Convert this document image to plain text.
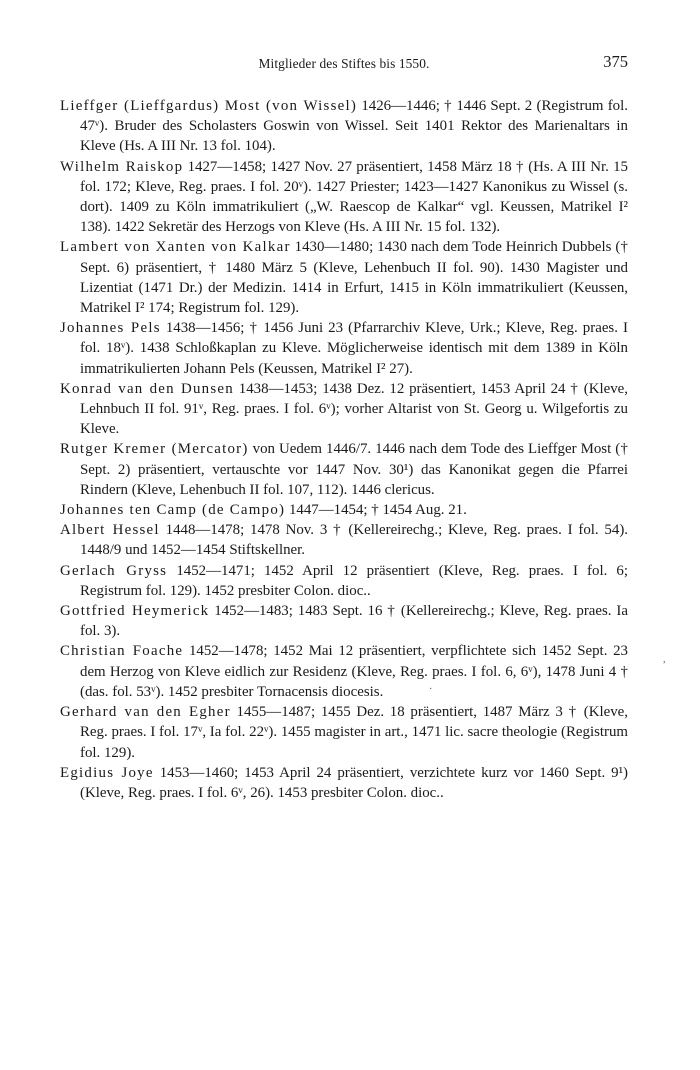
Mitglieder des Stiftes bis 1550.	375

Lieffger (Lieffgardus) Most (von Wissel) 1426—1446; † 1446 Sept. 2 (Registrum fol. 47ᵛ). Bruder des Scholasters Goswin von Wissel. Seit 1401 Rektor des Marienaltars in Kleve (Hs. A III Nr. 13 fol. 104).

Wilhelm Raiskop 1427—1458; 1427 Nov. 27 präsentiert, 1458 März 18 † (Hs. A III Nr. 15 fol. 172; Kleve, Reg. praes. I fol. 20ᵛ). 1427 Priester; 1423—1427 Kanonikus zu Wissel (s. dort). 1409 zu Köln immatrikuliert („W. Raescop de Kalkar“ vgl. Keussen, Matrikel I² 138). 1422 Sekretär des Herzogs von Kleve (Hs. A III Nr. 15 fol. 132).

Lambert von Xanten von Kalkar 1430—1480; 1430 nach dem Tode Heinrich Dubbels († Sept. 6) präsentiert, † 1480 März 5 (Kleve, Lehenbuch II fol. 90). 1430 Magister und Lizentiat (1471 Dr.) der Medizin. 1414 in Erfurt, 1415 in Köln immatrikuliert (Keussen, Matrikel I² 174; Registrum fol. 129).

Johannes Pels 1438—1456; † 1456 Juni 23 (Pfarrarchiv Kleve, Urk.; Kleve, Reg. praes. I fol. 18ᵛ). 1438 Schloßkaplan zu Kleve. Möglicherweise identisch mit dem 1389 in Köln immatrikulierten Johann Pels (Keussen, Matrikel I² 27).

Konrad van den Dunsen 1438—1453; 1438 Dez. 12 präsentiert, 1453 April 24 † (Kleve, Lehnbuch II fol. 91ᵛ, Reg. praes. I fol. 6ᵛ); vorher Altarist von St. Georg u. Wilgefortis zu Kleve.

Rutger Kremer (Mercator) von Uedem 1446/7. 1446 nach dem Tode des Lieffger Most († Sept. 2) präsentiert, vertauschte vor 1447 Nov. 30¹) das Kanonikat gegen die Pfarrei Rindern (Kleve, Lehenbuch II fol. 107, 112). 1446 clericus.

Johannes ten Camp (de Campo) 1447—1454; † 1454 Aug. 21.

Albert Hessel 1448—1478; 1478 Nov. 3 † (Kellereirechg.; Kleve, Reg. praes. I fol. 54). 1448/9 und 1452—1454 Stiftskellner.

Gerlach Gryss 1452—1471; 1452 April 12 präsentiert (Kleve, Reg. praes. I fol. 6; Registrum fol. 129). 1452 presbiter Colon. dioc..

Gottfried Heymerick 1452—1483; 1483 Sept. 16 † (Kellereirechg.; Kleve, Reg. praes. Ia fol. 3).

Christian Foache 1452—1478; 1452 Mai 12 präsentiert, verpflichtete sich 1452 Sept. 23 dem Herzog von Kleve eidlich zur Residenz (Kleve, Reg. praes. I fol. 6, 6ᵛ), 1478 Juni 4 † (das. fol. 53ᵛ). 1452 presbiter Tornacensis diocesis.

Gerhard van den Egher 1455—1487; 1455 Dez. 18 präsentiert, 1487 März 3 † (Kleve, Reg. praes. I fol. 17ᵛ, Ia fol. 22ᵛ). 1455 magister in art., 1471 lic. sacre theologie (Registrum fol. 129).

Egidius Joye 1453—1460; 1453 April 24 präsentiert, verzichtete kurz vor 1460 Sept. 9¹) (Kleve, Reg. praes. I fol. 6ᵛ, 26). 1453 presbiter Colon. dioc..

,
·
